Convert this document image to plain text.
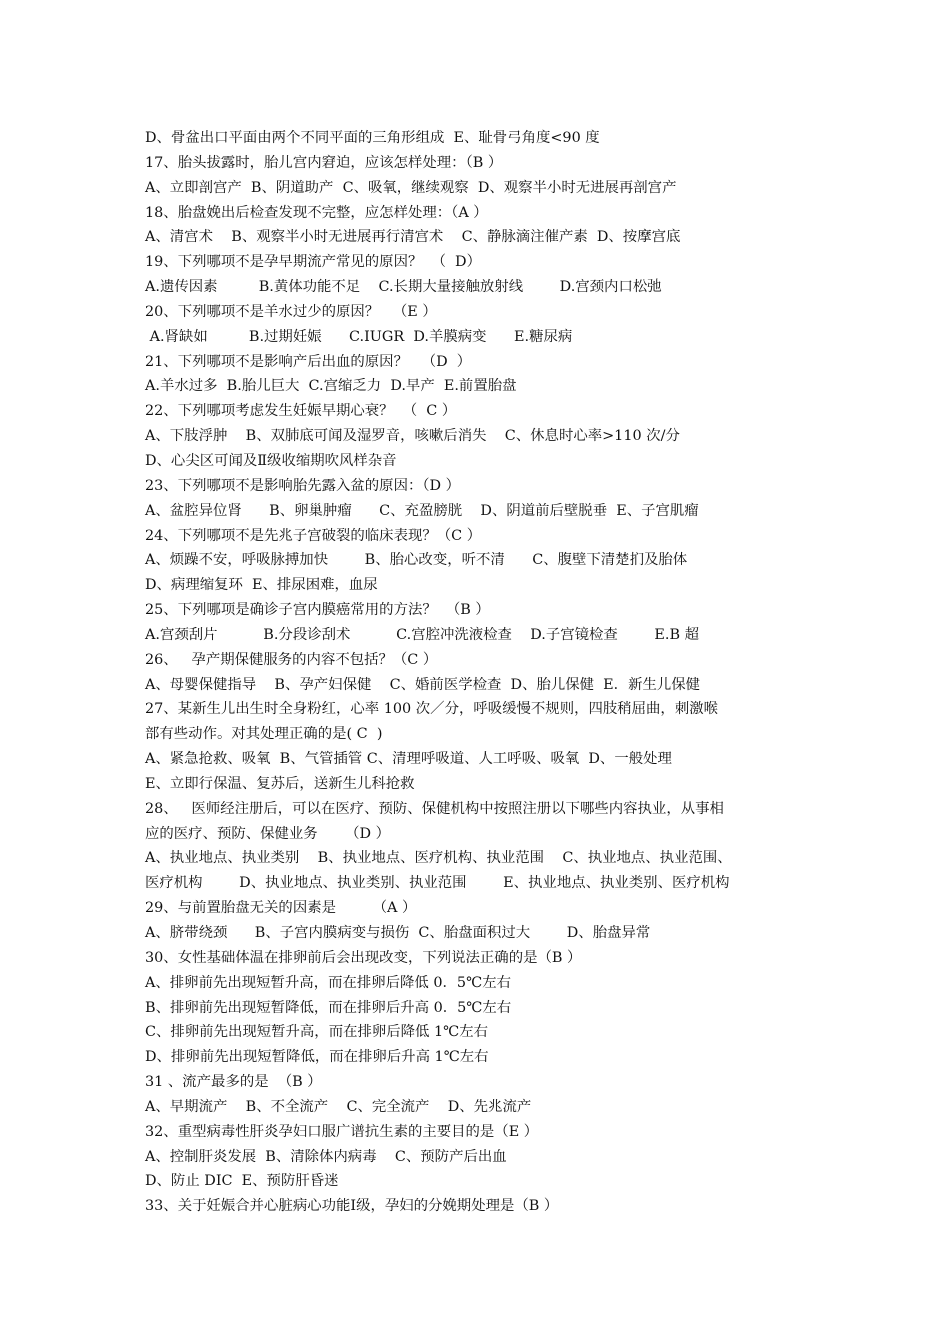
D、骨盆出口平面由两个不同平面的三角形组成  E、耻骨弓角度<90 度
17、胎头拔露时，胎儿宫内窘迫，应该怎样处理：（B ）
A、立即剖宫产  B、阴道助产  C、吸氧，继续观察  D、观察半小时无进展再剖宫产
18、胎盘娩出后检查发现不完整，应怎样处理：（A ）
A、清宫术    B、观察半小时无进展再行清宫术    C、静脉滴注催产素  D、按摩宫底
19、下列哪项不是孕早期流产常见的原因？  （  D）
A.遗传因素         B.黄体功能不足    C.长期大量接触放射线        D.宫颈内口松弛
20、下列哪项不是羊水过少的原因？   （E ）
A.肾缺如         B.过期妊娠      C.IUGR  D.羊膜病变      E.糖尿病
21、下列哪项不是影响产后出血的原因？   （D  ）
A.羊水过多  B.胎儿巨大  C.宫缩乏力  D.早产  E.前置胎盘
22、下列哪项考虑发生妊娠早期心衰？  （  C ）
A、下肢浮肿    B、双肺底可闻及湿罗音，咳嗽后消失    C、休息时心率>110 次/分
D、心尖区可闻及Ⅱ级收缩期吹风样杂音
23、下列哪项不是影响胎先露入盆的原因：（D ）
A、盆腔异位肾      B、卵巢肿瘤      C、充盈膀胱    D、阴道前后壁脱垂  E、子宫肌瘤
24、下列哪项不是先兆子宫破裂的临床表现？（C ）
A、烦躁不安，呼吸脉搏加快        B、胎心改变，听不清      C、腹壁下清楚扪及胎体
D、病理缩复环  E、排尿困难，血尿
25、下列哪项是确诊子宫内膜癌常用的方法？  （B ）
A.宫颈刮片          B.分段诊刮术          C.宫腔冲洗液检查    D.子宫镜检查        E.B 超
26、   孕产期保健服务的内容不包括？（C ）
A、母婴保健指导    B、孕产妇保健    C、婚前医学检查  D、胎儿保健  E．新生儿保健
27、某新生儿出生时全身粉红，心率 100 次／分，呼吸缓慢不规则，四肢稍屈曲，刺激喉
部有些动作。对其处理正确的是( C  )
A、紧急抢救、吸氧  B、气管插管 C、清理呼吸道、人工呼吸、吸氧  D、一般处理
E、立即行保温、复苏后，送新生儿科抢救
28、   医师经注册后，可以在医疗、预防、保健机构中按照注册以下哪些内容执业，从事相
应的医疗、预防、保健业务      （D ）
A、执业地点、执业类别    B、执业地点、医疗机构、执业范围    C、执业地点、执业范围、
医疗机构        D、执业地点、执业类别、执业范围        E、执业地点、执业类别、医疗机构
29、与前置胎盘无关的因素是        （A ）
A、脐带绕颈      B、子宫内膜病变与损伤  C、胎盘面积过大        D、胎盘异常
30、女性基础体温在排卵前后会出现改变，下列说法正确的是（B ）
A、排卵前先出现短暂升高，而在排卵后降低 0．5℃左右
B、排卵前先出现短暂降低，而在排卵后升高 0．5℃左右
C、排卵前先出现短暂升高，而在排卵后降低 1℃左右
D、排卵前先出现短暂降低，而在排卵后升高 1℃左右
31 、流产最多的是  （B ）
A、早期流产    B、不全流产    C、完全流产    D、先兆流产
32、重型病毒性肝炎孕妇口服广谱抗生素的主要目的是（E ）
A、控制肝炎发展  B、清除体内病毒    C、预防产后出血
D、防止 DIC  E、预防肝昏迷
33、关于妊娠合并心脏病心功能Ⅰ级，孕妇的分娩期处理是（B ）
